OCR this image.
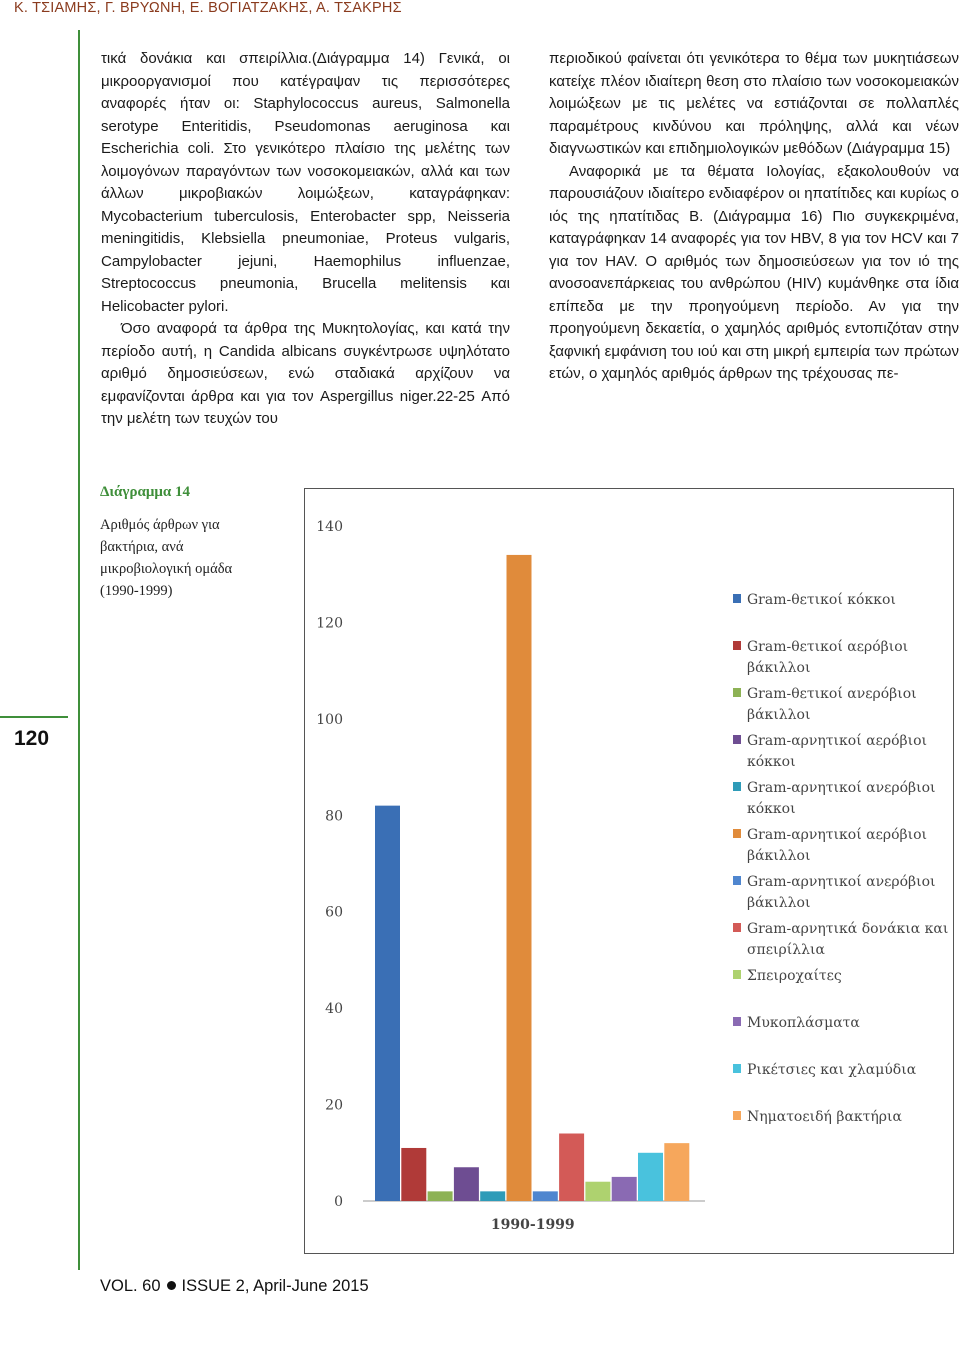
Κ. ΤΣΙΑΜΗΣ, Γ. ΒΡΥΩΝΗ, Ε. ΒΟΓΙΑΤΖΑΚΗΣ, Α. ΤΣΑΚΡΗΣ
120

τικά δονάκια και σπειρίλλια.(Διάγραμμα 14) Γενικά, οι μικροοργανισμοί που κατέγραψαν τις περισσότερες αναφορές ήταν οι: Staphylococcus aureus, Salmonella serotype Enteritidis, Pseudomonas aeruginosa και Escherichia coli. Στο γενικότερο πλαίσιο της μελέτης των λοιμογόνων παραγόντων των νοσοκομειακών, αλλά και των άλλων μικροβιακών λοιμώξεων, καταγράφηκαν: Mycobacterium tuberculosis, Enterobacter spp, Neisseria meningitidis, Klebsiella pneumoniae, Proteus vulgaris, Campylobacter jejuni, Haemophilus influenzae, Streptococcus pneumonia, Brucella melitensis και Helicobacter pylori.

Όσο αναφορά τα άρθρα της Μυκητολογίας, και κατά την περίοδο αυτή, η Candida albicans συγκέντρωσε υψηλότατο αριθμό δημοσιεύσεων, ενώ σταδιακά αρχίζουν να εμφανίζονται άρθρα και για τον Aspergillus niger.22-25 Από την μελέτη των τευχών του

περιοδικού φαίνεται ότι γενικότερα το θέμα των μυκητιάσεων κατείχε πλέον ιδιαίτερη θεση στο πλαίσιο των νοσοκομειακών λοιμώξεων με τις μελέτες να εστιάζονται σε πολλαπλές παραμέτρους κινδύνου και πρόληψης, αλλά και νέων διαγνωστικών και επιδημιολογικών μεθόδων (Διάγραμμα 15)

Αναφορικά με τα θέματα Ιολογίας, εξακολουθούν να παρουσιάζουν ιδιαίτερο ενδιαφέρον οι ηπατίτιδες και κυρίως ο ιός της ηπατίτιδας Β. (Διάγραμμα 16) Πιο συγκεκριμένα, καταγράφηκαν 14 αναφορές για τον HBV, 8 για τον HCV και 7 για τον HAV. Ο αριθμός των δημοσιεύσεων για τον ιό της ανοσοανεπάρκειας του ανθρώπου (HIV) κυμάνθηκε στα ίδια επίπεδα με την προηγούμενη περίοδο. Αν για την προηγούμενη δεκαετία, ο χαμηλός αριθμός εντοπιζόταν στην ξαφνική εμφάνιση του ιού και στη μικρή εμπειρία των πρώτων ετών, ο χαμηλός αριθμός άρθρων της τρέχουσας πε-

Διάγραμμα 14
Αριθμός άρθρων για βακτήρια, ανά μικροβιολογική ομάδα (1990-1999)
0
20
40
60
80
100
120
140
1990-1999
Gram-θετικοί κόκκοι
Gram-θετικοί αερόβιοι βάκιλλοι
Gram-θετικοί ανερόβιοι βάκιλλοι
Gram-αρνητικοί αερόβιοι κόκκοι
Gram-αρνητικοί ανερόβιοι κόκκοι
Gram-αρνητικοί αερόβιοι βάκιλλοι
Gram-αρνητικοί ανερόβιοι βάκιλλοι
Gram-αρνητικά δονάκια και σπειρίλλια
Σπειροχαίτες
Μυκοπλάσματα
Ρικέτσιες και χλαμύδια
Νηματοειδή βακτήρια
VOL. 60 ISSUE 2, April-June 2015
